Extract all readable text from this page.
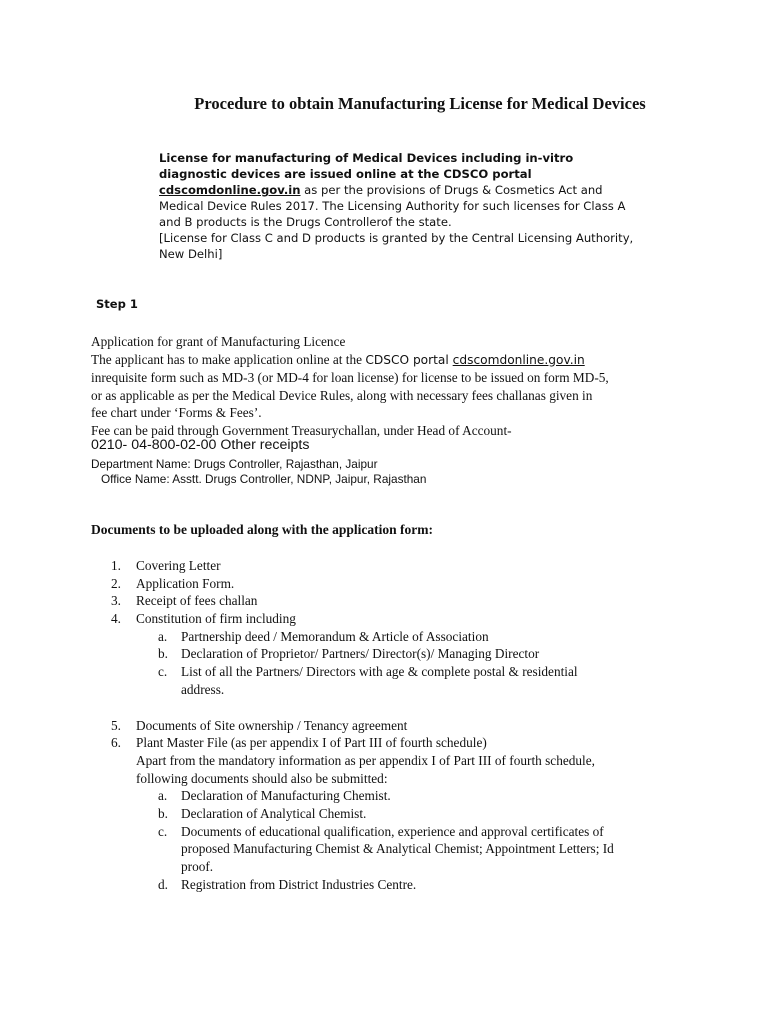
Procedure to obtain Manufacturing License for Medical Devices
License for manufacturing of Medical Devices including in-vitro
diagnostic devices are issued online at the CDSCO portal
cdscomdonline.gov.in as per the provisions of Drugs & Cosmetics Act and
Medical Device Rules 2017. The Licensing Authority for such licenses for Class A
and B products is the Drugs Controllerof the state.
[License for Class C and D products is granted by the Central Licensing Authority,
New Delhi]
Step 1
Application for grant of Manufacturing Licence
The applicant has to make application online at the CDSCO portal cdscomdonline.gov.in
inrequisite form such as MD-3 (or MD-4 for loan license) for license to be issued on form MD-5,
or as applicable as per the Medical Device Rules, along with necessary fees challanas given in
fee chart under ‘Forms & Fees’.
Fee can be paid through Government Treasurychallan, under Head of Account-
0210- 04-800-02-00 Other receipts
Department Name: Drugs Controller, Rajasthan, Jaipur
Office Name: Asstt. Drugs Controller, NDNP, Jaipur, Rajasthan
Documents to be uploaded along with the application form:
1. Covering Letter
2. Application Form.
3. Receipt of fees challan
4. Constitution of firm including
a. Partnership deed / Memorandum & Article of Association
b. Declaration of Proprietor/ Partners/ Director(s)/ Managing Director
c. List of all the Partners/ Directors with age & complete postal & residential
address.
5. Documents of Site ownership / Tenancy agreement
6. Plant Master File (as per appendix I of Part III of fourth schedule)
Apart from the mandatory information as per appendix I of Part III of fourth schedule,
following documents should also be submitted:
a. Declaration of Manufacturing Chemist.
b. Declaration of Analytical Chemist.
c. Documents of educational qualification, experience and approval certificates of
proposed Manufacturing Chemist & Analytical Chemist; Appointment Letters; Id
proof.
d. Registration from District Industries Centre.
